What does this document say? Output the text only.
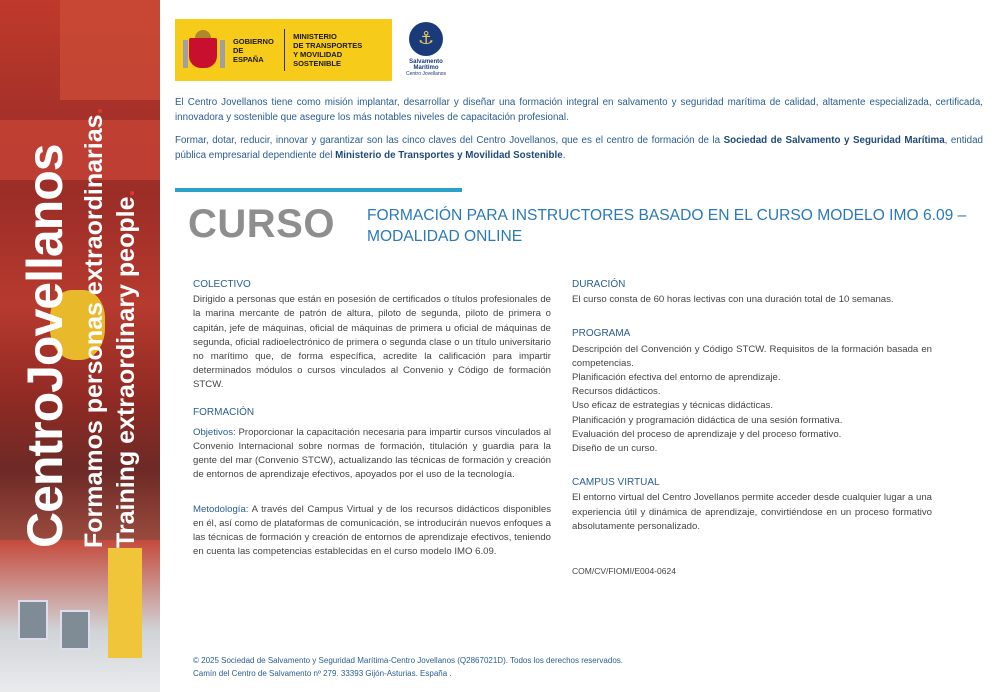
CentroJovellanos Formamos personas extraordinarias.
Training extraordinary people.
GOBIERNO
DE ESPAÑA
MINISTERIO
DE TRANSPORTES
Y MOVILIDAD SOSTENIBLE
⚓	Salvamento Marítimo
Centro Jovellanos

El Centro Jovellanos tiene como misión implantar, desarrollar y diseñar una formación integral en salvamento y seguridad marítima de calidad, altamente especializada, certificada, innovadora y sostenible que asegure los más notables niveles de capacitación profesional.

Formar, dotar, reducir, innovar y garantizar son las cinco claves del Centro Jovellanos, que es el centro de formación de la Sociedad de Salvamento y Seguridad Marítima, entidad pública empresarial dependiente del Ministerio de Transportes y Movilidad Sostenible.

CURSO FORMACIÓN PARA INSTRUCTORES BASADO EN EL CURSO MODELO IMO 6.09 – MODALIDAD ONLINE
COLECTIVO
Dirigido a personas que están en posesión de certificados o títulos profesionales de la marina mercante de patrón de altura, piloto de segunda, piloto de primera o capitán, jefe de máquinas, oficial de máquinas de primera u oficial de máquinas de segunda, oficial radioelectrónico de primera o segunda clase o un título universitario no marítimo que, de forma específica, acredite la calificación para impartir determinados módulos o cursos vinculados al Convenio y Código de formación STCW.
FORMACIÓN
Objetivos: Proporcionar la capacitación necesaria para impartir cursos vinculados al Convenio Internacional sobre normas de formación, titulación y guardia para la gente del mar (Convenio STCW), actualizando las técnicas de formación y creación de entornos de aprendizaje efectivos, apoyados por el uso de la tecnología.
Metodología: A través del Campus Virtual y de los recursos didácticos disponibles en él, así como de plataformas de comunicación, se introducirán nuevos enfoques a las técnicas de formación y creación de entornos de aprendizaje efectivos, teniendo en cuenta las competencias establecidas en el curso modelo IMO 6.09.
DURACIÓN
El curso consta de 60 horas lectivas con una duración total de 10 semanas.
PROGRAMA
Descripción del Convención y Código STCW. Requisitos de la formación basada en competencias.
Planificación efectiva del entorno de aprendizaje.
Recursos didácticos.
Uso eficaz de estrategias y técnicas didácticas.
Planificación y programación didáctica de una sesión formativa.
Evaluación del proceso de aprendizaje y del proceso formativo.
Diseño de un curso.
CAMPUS VIRTUAL
El entorno virtual del Centro Jovellanos permite acceder desde cualquier lugar a una experiencia útil y dinámica de aprendizaje, convirtiéndose en un proceso formativo absolutamente personalizado.
COM/CV/FIOMI/E004-0624
© 2025 Sociedad de Salvamento y Seguridad Marítima-Centro Jovellanos (Q2867021D). Todos los derechos reservados.
Camín del Centro de Salvamento nº 279. 33393 Gijón-Asturias. España .
